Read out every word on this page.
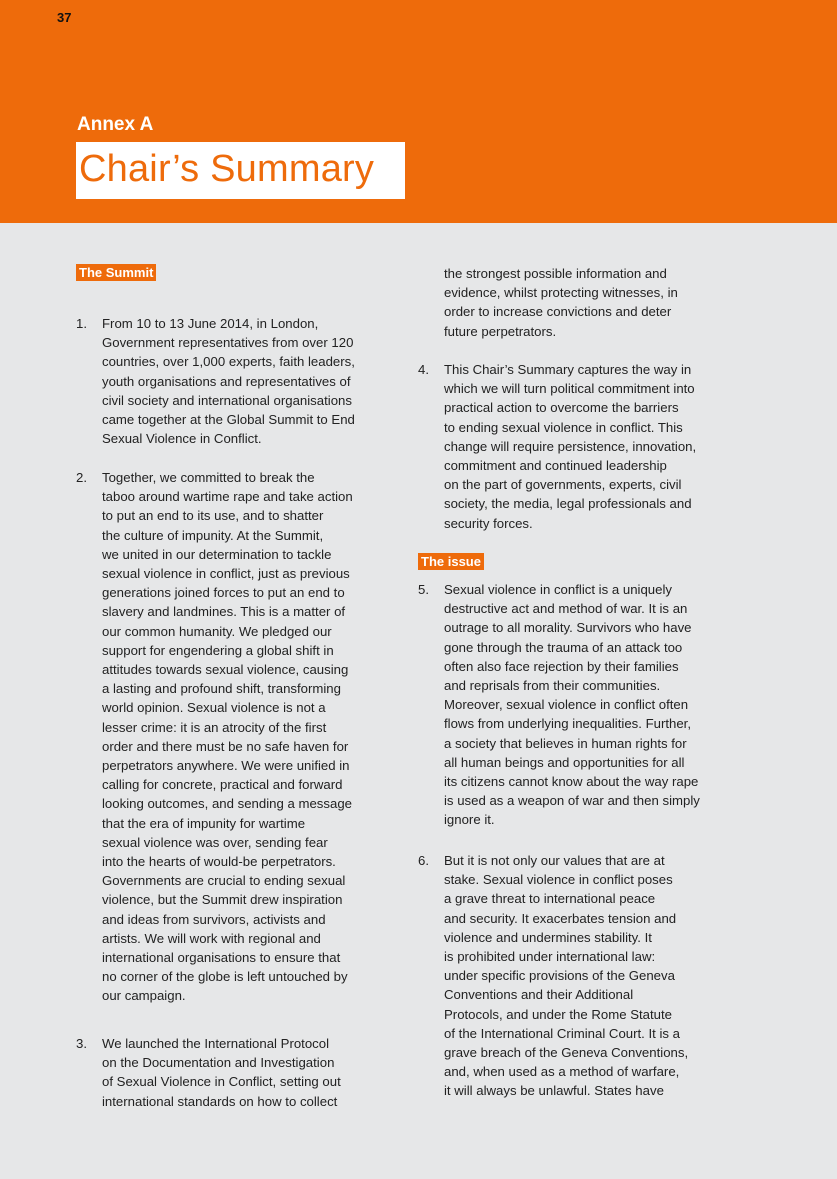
37
Annex A
Chair’s Summary
The Summit
1. From 10 to 13 June 2014, in London,
Government representatives from over 120
countries, over 1,000 experts, faith leaders,
youth organisations and representatives of
civil society and international organisations
came together at the Global Summit to End
Sexual Violence in Conflict.
2. Together, we committed to break the
taboo around wartime rape and take action
to put an end to its use, and to shatter
the culture of impunity. At the Summit,
we united in our determination to tackle
sexual violence in conflict, just as previous
generations joined forces to put an end to
slavery and landmines. This is a matter of
our common humanity. We pledged our
support for engendering a global shift in
attitudes towards sexual violence, causing
a lasting and profound shift, transforming
world opinion. Sexual violence is not a
lesser crime: it is an atrocity of the first
order and there must be no safe haven for
perpetrators anywhere. We were unified in
calling for concrete, practical and forward
looking outcomes, and sending a message
that the era of impunity for wartime
sexual violence was over, sending fear
into the hearts of would-be perpetrators.
Governments are crucial to ending sexual
violence, but the Summit drew inspiration
and ideas from survivors, activists and
artists. We will work with regional and
international organisations to ensure that
no corner of the globe is left untouched by
our campaign.
3. We launched the International Protocol
on the Documentation and Investigation
of Sexual Violence in Conflict, setting out
international standards on how to collect
the strongest possible information and
evidence, whilst protecting witnesses, in
order to increase convictions and deter
future perpetrators.
4. This Chair’s Summary captures the way in
which we will turn political commitment into
practical action to overcome the barriers
to ending sexual violence in conflict. This
change will require persistence, innovation,
commitment and continued leadership
on the part of governments, experts, civil
society, the media, legal professionals and
security forces.
The issue
5. Sexual violence in conflict is a uniquely
destructive act and method of war. It is an
outrage to all morality. Survivors who have
gone through the trauma of an attack too
often also face rejection by their families
and reprisals from their communities.
Moreover, sexual violence in conflict often
flows from underlying inequalities. Further,
a society that believes in human rights for
all human beings and opportunities for all
its citizens cannot know about the way rape
is used as a weapon of war and then simply
ignore it.
6. But it is not only our values that are at
stake. Sexual violence in conflict poses
a grave threat to international peace
and security. It exacerbates tension and
violence and undermines stability. It
is prohibited under international law:
under specific provisions of the Geneva
Conventions and their Additional
Protocols, and under the Rome Statute
of the International Criminal Court. It is a
grave breach of the Geneva Conventions,
and, when used as a method of warfare,
it will always be unlawful. States have
